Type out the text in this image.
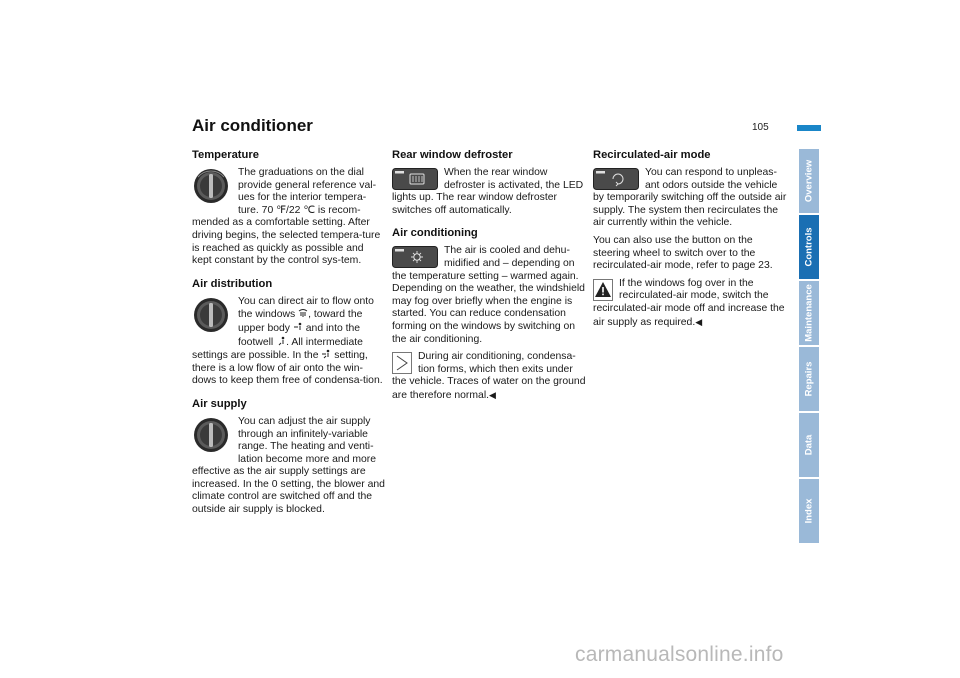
Air conditioner	105
Temperature

The graduations on the dial provide general reference val-ues for the interior tempera-ture. 70 ℉/22 ℃ is recom-mended as a comfortable setting. After driving begins, the selected tempera-ture is reached as quickly as possible and kept constant by the control sys-tem.

Air distribution

You can direct air to flow onto the windows , toward the upper body  and into the footwell . All intermediate settings are possible. In the  setting, there is a low flow of air onto the win-dows to keep them free of condensa-tion.

Air supply

You can adjust the air supply through an infinitely-variable range. The heating and venti-lation become more and more effective as the air supply settings are increased. In the 0 setting, the blower and climate control are switched off and the outside air supply is blocked.

Rear window defroster

When the rear window defroster is activated, the LED lights up. The rear window defroster switches off automatically.

Air conditioning

The air is cooled and dehu-midified and – depending on the temperature setting – warmed again. Depending on the weather, the windshield may fog over briefly when the engine is started. You can reduce condensation forming on the windows by switching on the air conditioning.

During air conditioning, condensa-tion forms, which then exits under the vehicle. Traces of water on the ground are therefore normal.◀

Recirculated-air mode

You can respond to unpleas-ant odors outside the vehicle by temporarily switching off the outside air supply. The system then recirculates the air currently within the vehicle.

You can also use the button on the steering wheel to switch over to the recirculated-air mode, refer to page 23.

If the windows fog over in the recirculated-air mode, switch the recirculated-air mode off and increase the air supply as required.◀

Overview
Controls
Maintenance
Repairs
Data
Index
carmanualsonline.info
